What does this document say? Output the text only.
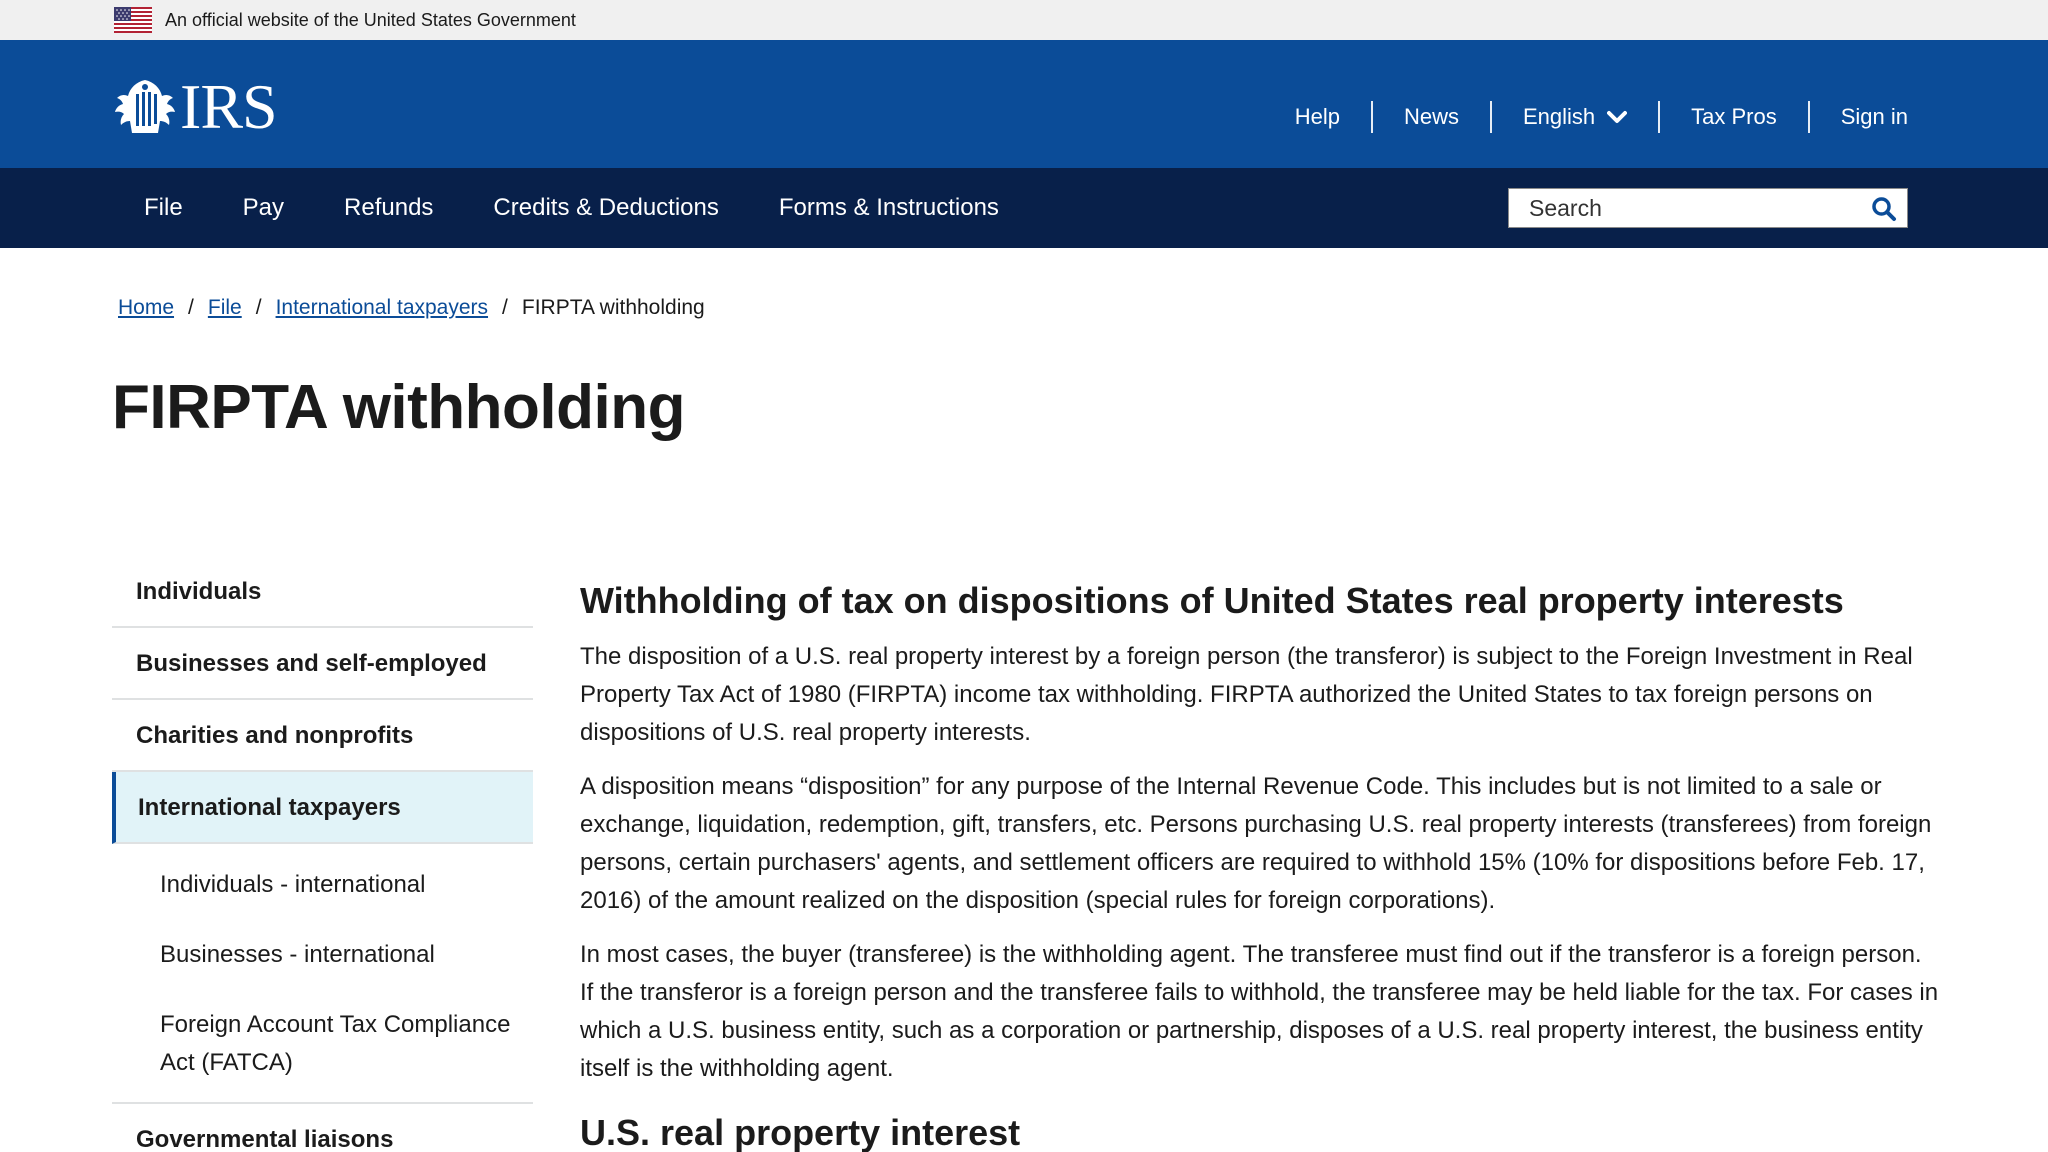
An official website of the United States Government
IRS	Help	News	English	Tax Pros	Sign in
File	Pay	Refunds	Credits & Deductions	Forms & Instructions
Search
Home / File / International taxpayers / FIRPTA withholding
FIRPTA withholding
Individuals
Businesses and self-employed
Charities and nonprofits
International taxpayers
Individuals - international
Businesses - international
Foreign Account Tax Compliance Act (FATCA)
Governmental liaisons
Withholding of tax on dispositions of United States real property interests

The disposition of a U.S. real property interest by a foreign person (the transferor) is subject to the Foreign Investment in Real Property Tax Act of 1980 (FIRPTA) income tax withholding. FIRPTA authorized the United States to tax foreign persons on dispositions of U.S. real property interests.

A disposition means “disposition” for any purpose of the Internal Revenue Code. This includes but is not limited to a sale or exchange, liquidation, redemption, gift, transfers, etc. Persons purchasing U.S. real property interests (transferees) from foreign persons, certain purchasers' agents, and settlement officers are required to withhold 15% (10% for dispositions before Feb. 17, 2016) of the amount realized on the disposition (special rules for foreign corporations).

In most cases, the buyer (transferee) is the withholding agent. The transferee must find out if the transferor is a foreign person. If the transferor is a foreign person and the transferee fails to withhold, the transferee may be held liable for the tax. For cases in which a U.S. business entity, such as a corporation or partnership, disposes of a U.S. real property interest, the business entity itself is the withholding agent.

U.S. real property interest
